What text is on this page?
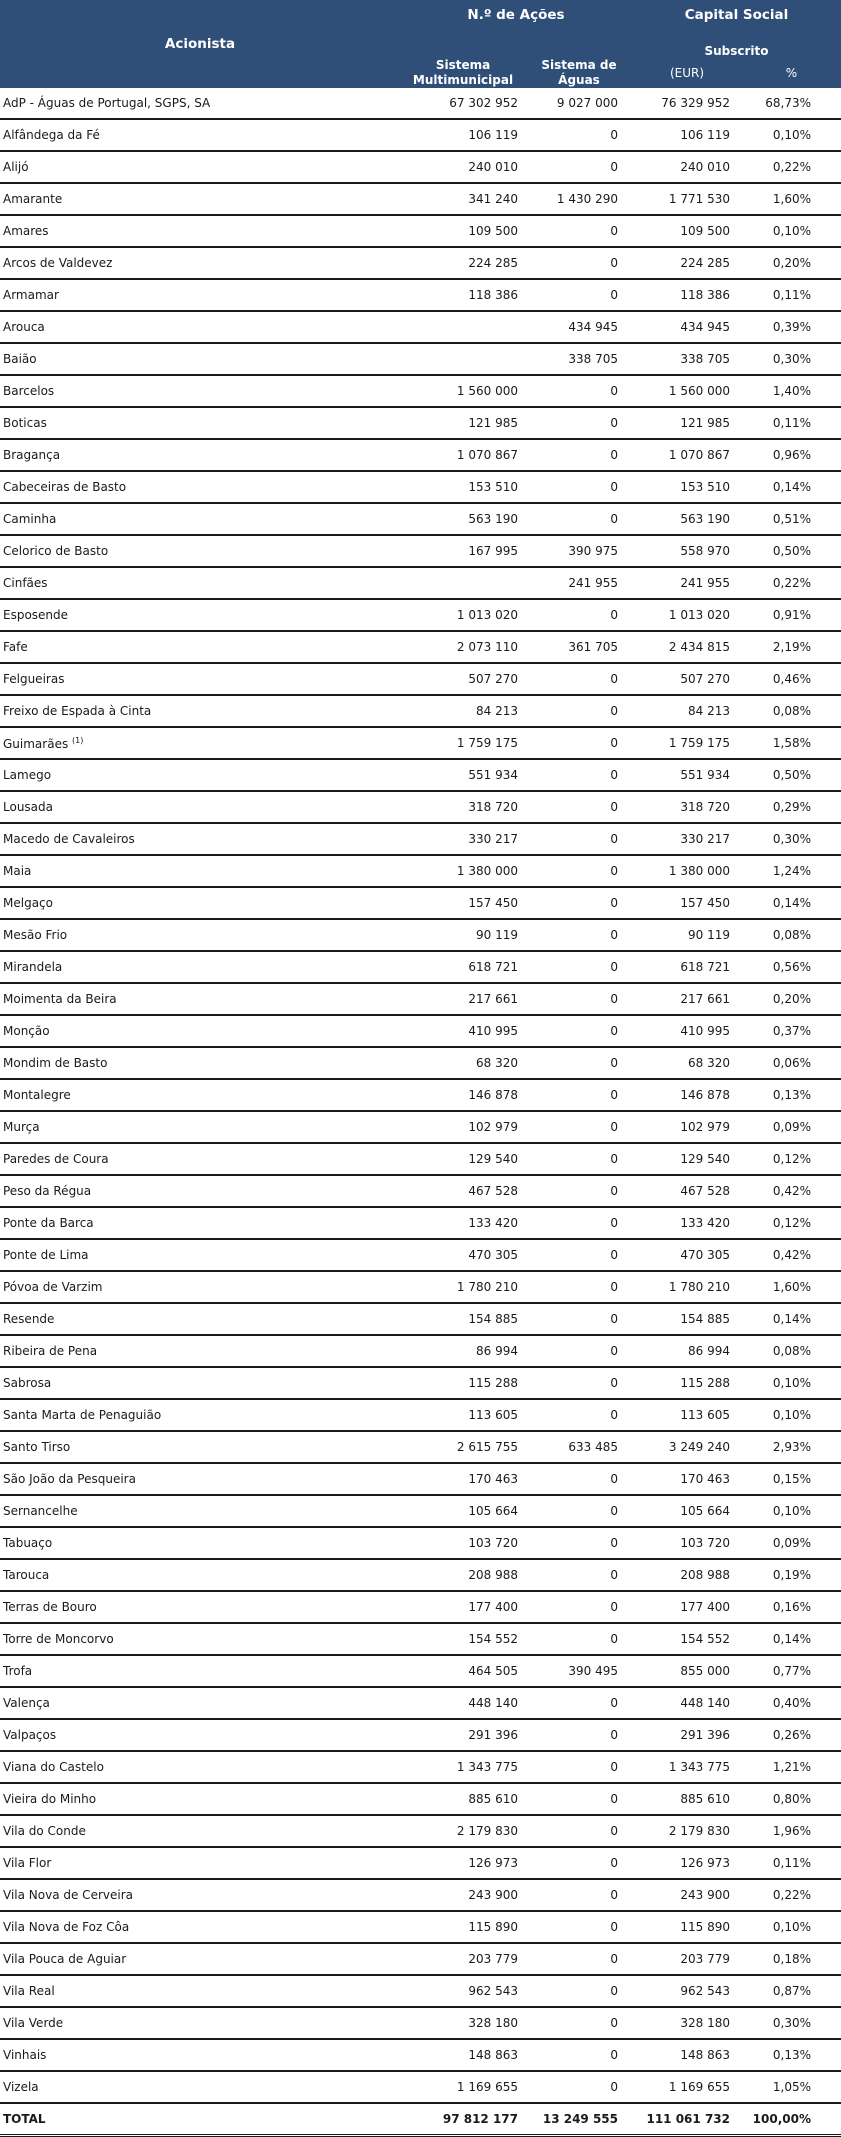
Acionista	N.º de Ações		Capital Social	
	Sistema Multimunicipal	Sistema de Águas	Subscrito	
			(EUR)	%
AdP - Águas de Portugal, SGPS, SA	67 302 952	9 027 000	76 329 952	68,73%
Alfândega da Fé	106 119	0	106 119	0,10%
Alijó	240 010	0	240 010	0,22%
Amarante	341 240	1 430 290	1 771 530	1,60%
Amares	109 500	0	109 500	0,10%
Arcos de Valdevez	224 285	0	224 285	0,20%
Armamar	118 386	0	118 386	0,11%
Arouca		434 945	434 945	0,39%
Baião		338 705	338 705	0,30%
Barcelos	1 560 000	0	1 560 000	1,40%
Boticas	121 985	0	121 985	0,11%
Bragança	1 070 867	0	1 070 867	0,96%
Cabeceiras de Basto	153 510	0	153 510	0,14%
Caminha	563 190	0	563 190	0,51%
Celorico de Basto	167 995	390 975	558 970	0,50%
Cinfães		241 955	241 955	0,22%
Esposende	1 013 020	0	1 013 020	0,91%
Fafe	2 073 110	361 705	2 434 815	2,19%
Felgueiras	507 270	0	507 270	0,46%
Freixo de Espada à Cinta	84 213	0	84 213	0,08%
Guimarães $^{(1)}$	1 759 175	0	1 759 175	1,58%
Lamego	551 934	0	551 934	0,50%
Lousada	318 720	0	318 720	0,29%
Macedo de Cavaleiros	330 217	0	330 217	0,30%
Maia	1 380 000	0	1 380 000	1,24%
Melgaço	157 450	0	157 450	0,14%
Mesão Frio	90 119	0	90 119	0,08%
Mirandela	618 721	0	618 721	0,56%
Moimenta da Beira	217 661	0	217 661	0,20%
Monção	410 995	0	410 995	0,37%
Mondim de Basto	68 320	0	68 320	0,06%
Montalegre	146 878	0	146 878	0,13%
Murça	102 979	0	102 979	0,09%
Paredes de Coura	129 540	0	129 540	0,12%
Peso da Régua	467 528	0	467 528	0,42%
Ponte da Barca	133 420	0	133 420	0,12%
Ponte de Lima	470 305	0	470 305	0,42%
Póvoa de Varzim	1 780 210	0	1 780 210	1,60%
Resende	154 885	0	154 885	0,14%
Ribeira de Pena	86 994	0	86 994	0,08%
Sabrosa	115 288	0	115 288	0,10%
Santa Marta de Penaguião	113 605	0	113 605	0,10%
Santo Tirso	2 615 755	633 485	3 249 240	2,93%
São João da Pesqueira	170 463	0	170 463	0,15%
Sernancelhe	105 664	0	105 664	0,10%
Tabuaço	103 720	0	103 720	0,09%
Tarouca	208 988	0	208 988	0,19%
Terras de Bouro	177 400	0	177 400	0,16%
Torre de Moncorvo	154 552	0	154 552	0,14%
Trofa	464 505	390 495	855 000	0,77%
Valença	448 140	0	448 140	0,40%
Valpaços	291 396	0	291 396	0,26%
Viana do Castelo	1 343 775	0	1 343 775	1,21%
Vieira do Minho	885 610	0	885 610	0,80%
Vila do Conde	2 179 830	0	2 179 830	1,96%
Vila Flor	126 973	0	126 973	0,11%
Vila Nova de Cerveira	243 900	0	243 900	0,22%
Vila Nova de Foz Côa	115 890	0	115 890	0,10%
Vila Pouca de Aguiar	203 779	0	203 779	0,18%
Vila Real	962 543	0	962 543	0,87%
Vila Verde	328 180	0	328 180	0,30%
Vinhais	148 863	0	148 863	0,13%
Vizela	1 169 655	0	1 169 655	1,05%
TOTAL	97 812 177	13 249 555	111 061 732	100,00%
